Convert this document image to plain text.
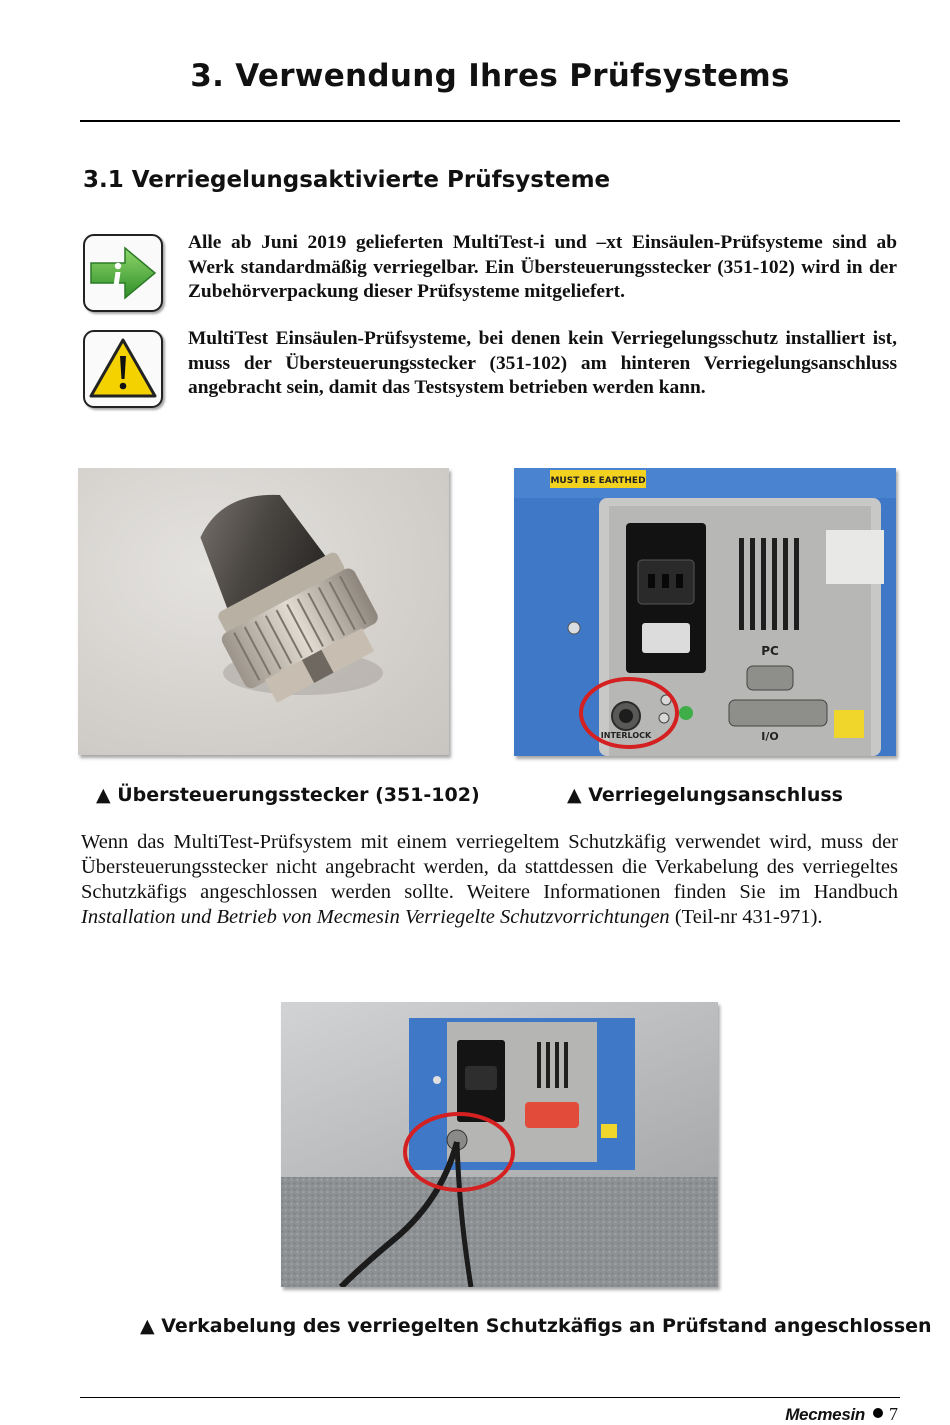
3. Verwendung Ihres Prüfsystems
3.1 Verriegelungsaktivierte Prüfsysteme
Alle ab Juni 2019 gelieferten MultiTest-i und –xt Einsäulen-Prüfsysteme sind ab Werk standardmäßig verriegelbar. Ein Übersteuerungsstecker (351-102) wird in der Zubehörverpackung dieser Prüfsysteme mitgeliefert.
MultiTest Einsäulen-Prüfsysteme, bei denen kein Verriegelungsschutz installiert ist, muss der Übersteuerungsstecker (351-102) am hinteren Verriegelungsanschluss angebracht sein, damit das Testsystem betrieben werden kann.
MUST BE EARTHED
PC
I/O
INTERLOCK
▲ Übersteuerungsstecker (351-102)	▲ Verriegelungsanschluss
Wenn das MultiTest-Prüfsystem mit einem verriegeltem Schutzkäfig verwendet wird, muss der Übersteuerungsstecker nicht angebracht werden, da stattdessen die Verkabelung des verriegeltes Schutzkäfigs angeschlossen werden sollte. Weitere Informationen finden Sie im Handbuch Installation und Betrieb von Mecmesin Verriegelte Schutzvorrichtungen (Teil-nr 431-971).
▲ Verkabelung des verriegelten Schutzkäfigs an Prüfstand angeschlossen
Mecmesin 7
